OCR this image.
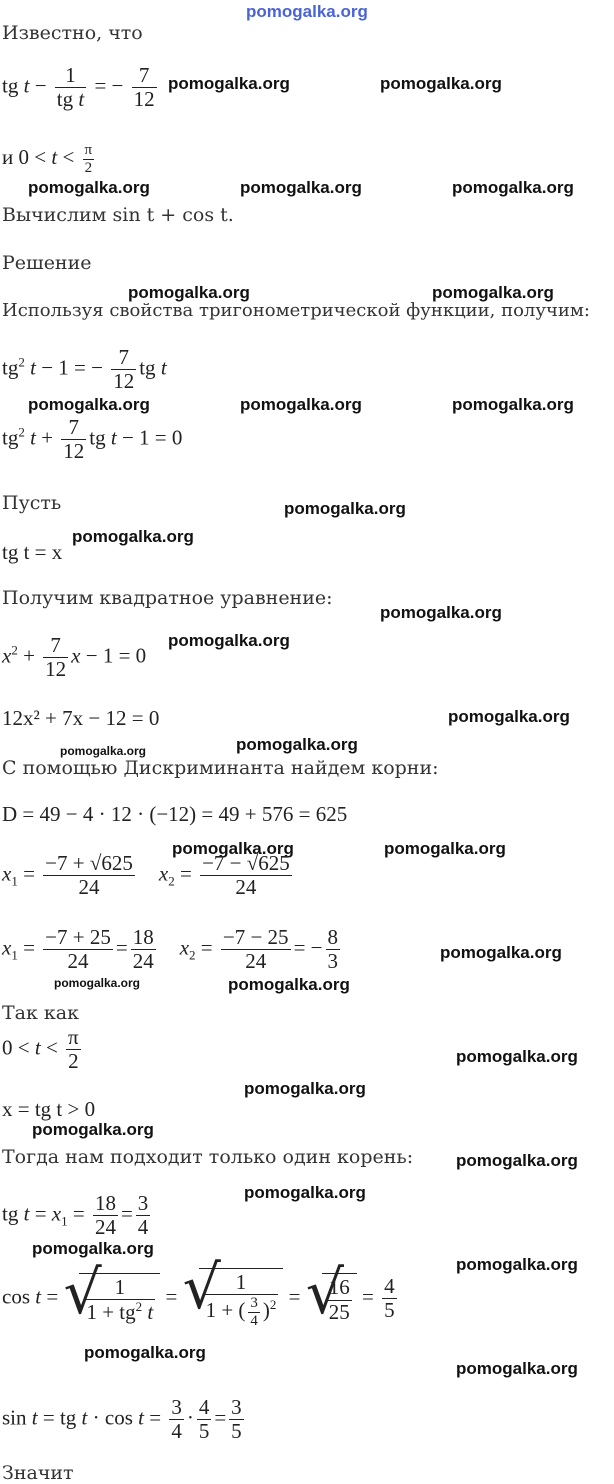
pomogalka.org
Известно, что
tg $t - \frac{1}{\text{tg t}}$ = − $\frac{7}{12}$ pomogalka.org	pomogalka.org
и $0 < t < \frac{\pi}{2}$
pomogalka.org	pomogalka.org	pomogalka.org
Вычислим sin t + cos t.
Решение
pomogalka.org	pomogalka.org
Используя свойства тригонометрической функции, получим:
$tg^2$ t − 1 = − $\frac{7}{12}$ tg t
pomogalka.org	pomogalka.org	pomogalka.org
$tg^2$ $t + \frac{7}{12}$ tg t − 1 = 0
Пусть	pomogalka.org
tg t = x
pomogalka.org
Получим квадратное уравнение:
pomogalka.org
$x^2 + \frac{7}{12}$ x − 1 = 0
pomogalka.org
12x² + 7x − 12 = 0	pomogalka.org
pomogalka.org	pomogalka.org
С помощью Дискриминанта найдем корни:
D = 49 − 4 · 12 · (−12) = 49 + 576 = 625
pomogalka.org	pomogalka.org
$x_1 = \frac{-7 + √625}{24} x_2 = \frac{-7 - √625}{24}$
$x_1 = \frac{-7 + 25}{24} = \frac{18}{24} x_2 = \frac{-7 - 25}{24}$ = − $\frac{8}{3}$	pomogalka.org
pomogalka.org	pomogalka.org
Так как
$0 < t < \frac{\pi}{2}$	pomogalka.org
pomogalka.org
x = tg t > 0
pomogalka.org
Тогда нам подходит только один корень:	pomogalka.org
pomogalka.org
tg $t = x_1 = \frac{18}{24} = \frac{3}{4}$
pomogalka.org
pomogalka.org
cos t = √ $\frac{1}{1 + tg^2 t}$ = √ $\frac{1}{1 + ( \frac{3}{4} )^2}$ = √ $\frac{16}{25} = \frac{4}{5}$
pomogalka.org
pomogalka.org
sin t = tg $t \cdot \cos t = \frac{3}{4} \cdot \frac{4}{5} = \frac{3}{5}$
Значит
